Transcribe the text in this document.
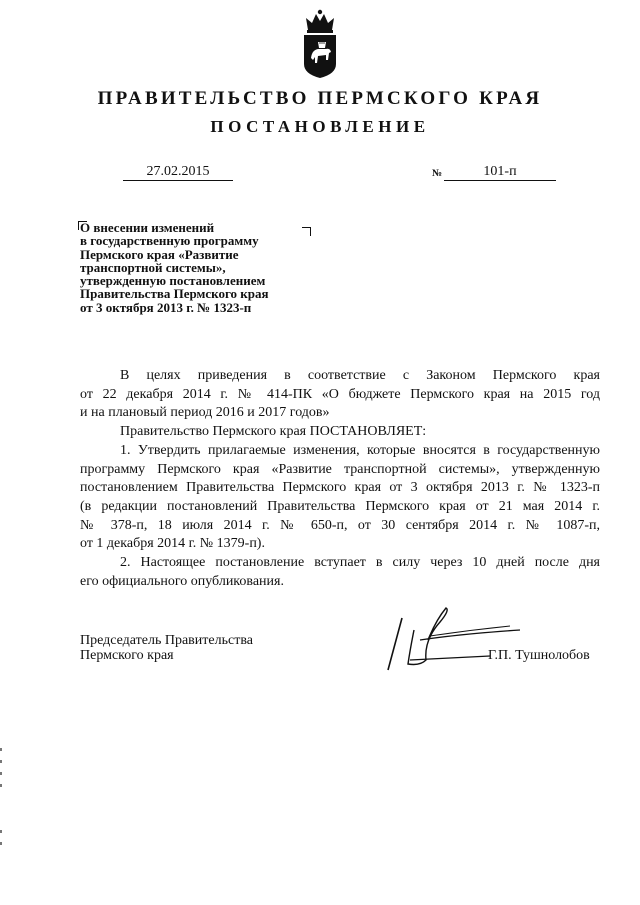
ПРАВИТЕЛЬСТВО ПЕРМСКОГО КРАЯ
ПОСТАНОВЛЕНИЕ
27.02.2015	№	101-п
О внесении изменений
в государственную программу
Пермского края «Развитие
транспортной системы»,
утвержденную постановлением
Правительства Пермского края
от 3 октября 2013 г. № 1323-п

В целях приведения в соответствие с Законом Пермского края

от 22 декабря 2014 г. № 414-ПК «О бюджете Пермского края на 2015 год

и на плановый период 2016 и 2017 годов»

Правительство Пермского края ПОСТАНОВЛЯЕТ:

1. Утвердить прилагаемые изменения, которые вносятся в государственную

программу Пермского края «Развитие транспортной системы», утвержденную

постановлением Правительства Пермского края от 3 октября 2013 г. № 1323-п

(в редакции постановлений Правительства Пермского края от 21 мая 2014 г.

№ 378-п, 18 июля 2014 г. № 650-п, от 30 сентября 2014 г. № 1087-п,

от 1 декабря 2014 г. № 1379-п).

2. Настоящее постановление вступает в силу через 10 дней после дня

его официального опубликования.

Председатель Правительства
Пермского края	Г.П. Тушнолобов
